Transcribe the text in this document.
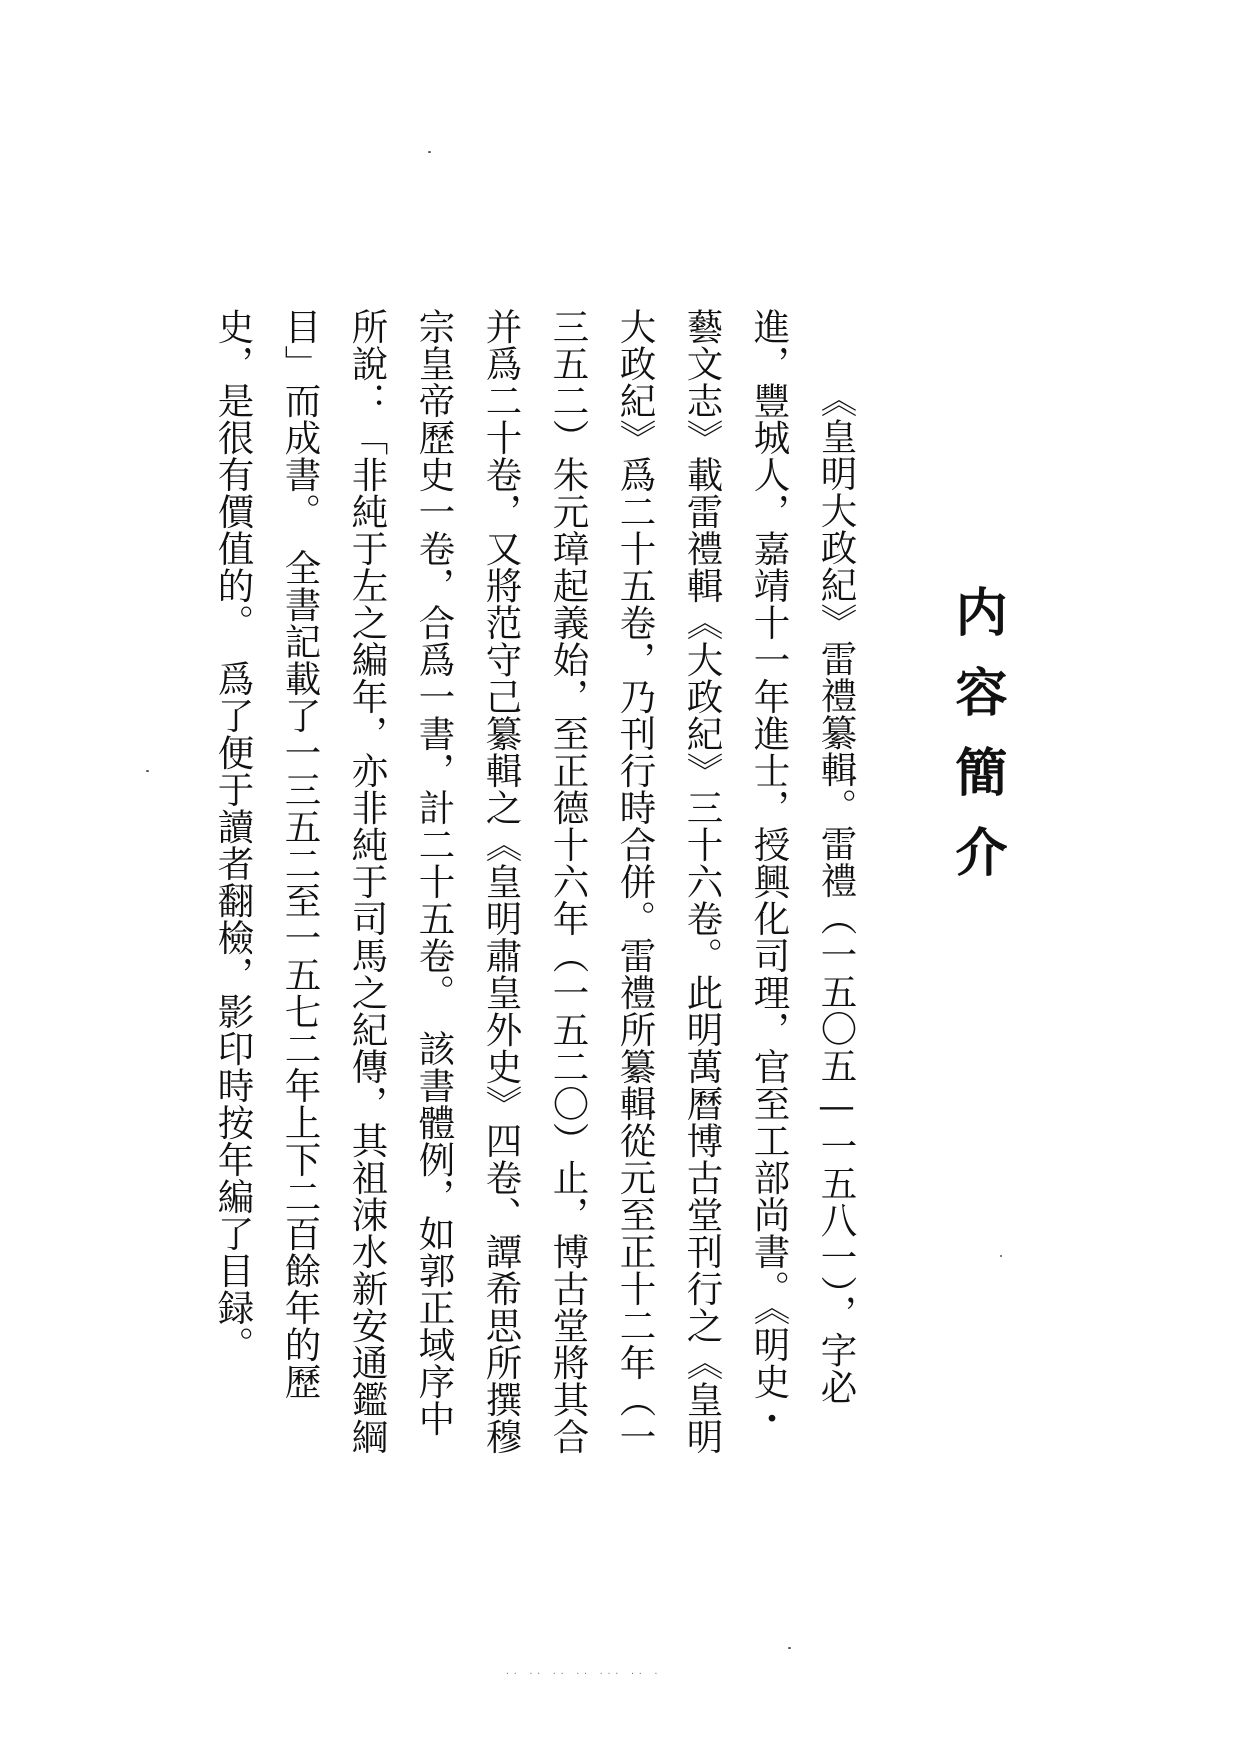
内容簡介

《皇明大政紀》雷禮纂輯。雷禮（一五〇五—一五八一），字必進，豐城人，嘉靖十一年進士，授興化司理，官至工部尚書。《明史・藝文志》載雷禮輯《大政紀》三十六卷。此明萬曆博古堂刊行之《皇明大政紀》爲二十五卷，乃刊行時合併。雷禮所纂輯從元至正十二年（一三五二）朱元璋起義始，至正德十六年（一五二〇）止，博古堂將其合并爲二十卷，又將范守己纂輯之《皇明肅皇外史》四卷、譚希思所撰穆宗皇帝歷史一卷，合爲一書，計二十五卷。　該書體例，如郭正域序中所說：「非純于左之編年，亦非純于司馬之紀傳，其祖涑水新安通鑑綱目」而成書。　全書記載了一三五二至一五七二年上下二百餘年的歷史，是很有價值的。　爲了便于讀者翻檢，影印時按年編了目録。

·· ·· ·· ·· ··· ·· ·
